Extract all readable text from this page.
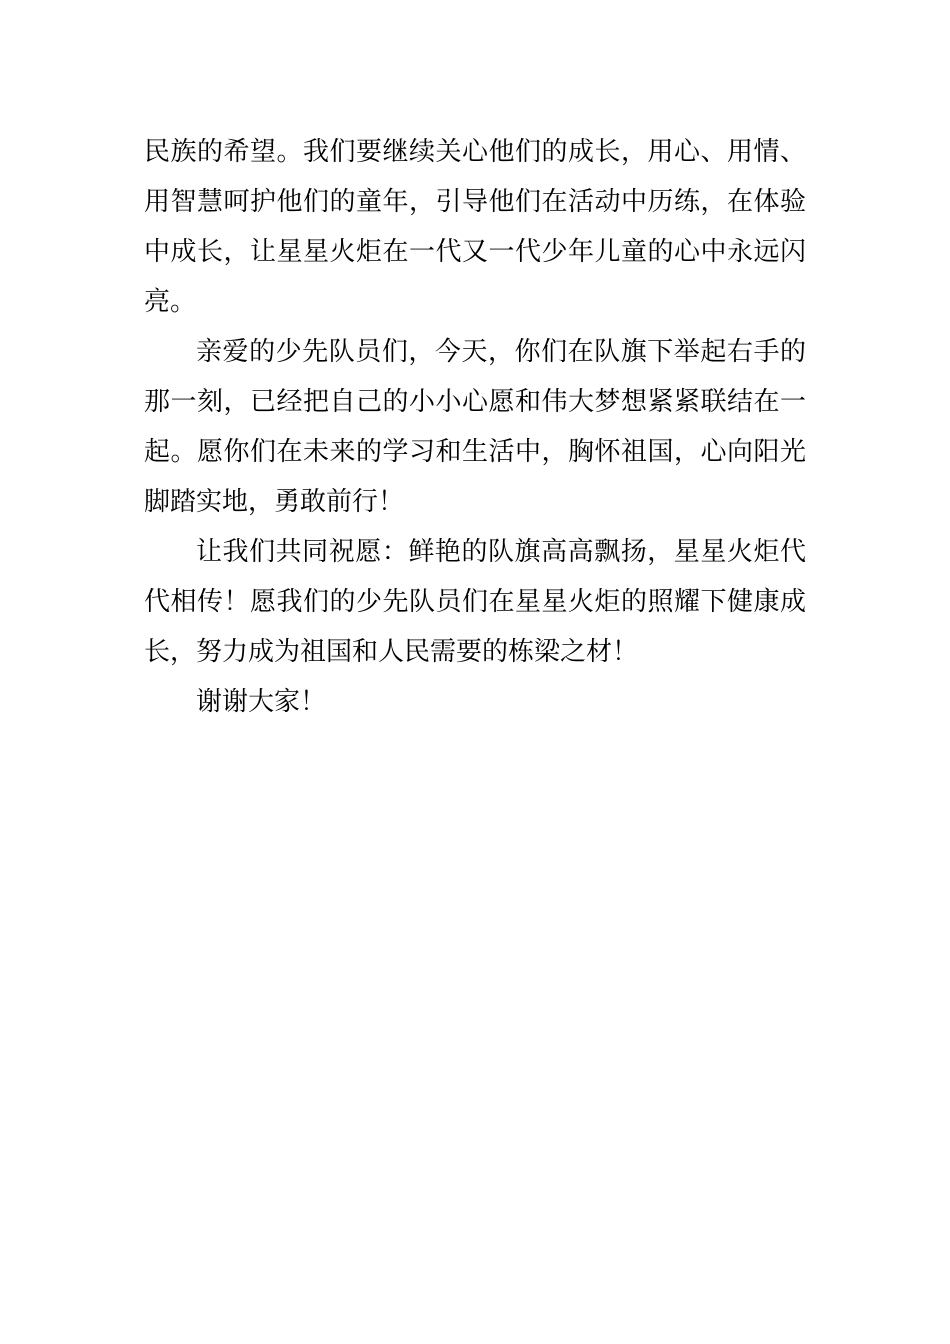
民族的希望。我们要继续关心他们的成长，用心、用情、
用智慧呵护他们的童年，引导他们在活动中历练，在体验
中成长，让星星火炬在一代又一代少年儿童的心中永远闪
亮。
亲爱的少先队员们，今天，你们在队旗下举起右手的
那一刻，已经把自己的小小心愿和伟大梦想紧紧联结在一
起。愿你们在未来的学习和生活中，胸怀祖国，心向阳光
脚踏实地，勇敢前行！
让我们共同祝愿：鲜艳的队旗高高飘扬，星星火炬代
代相传！愿我们的少先队员们在星星火炬的照耀下健康成
长，努力成为祖国和人民需要的栋梁之材！
谢谢大家！
